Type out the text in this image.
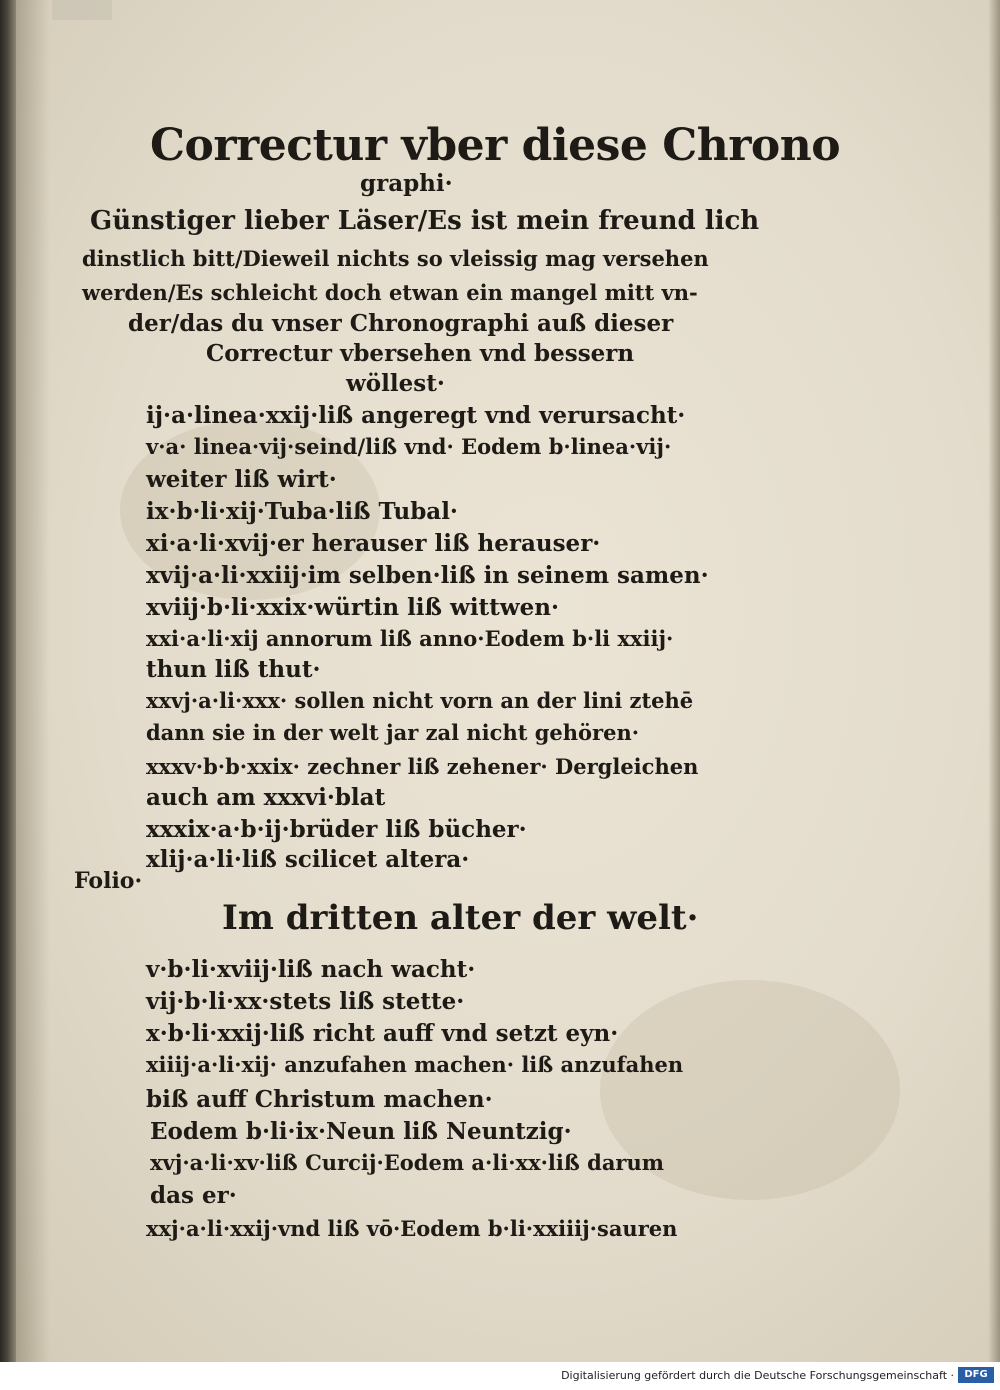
Correctur vber diese Chrono
graphi·
Günstiger lieber Läser/Es ist mein freund lich
dinstlich bitt/Dieweil nichts so vleissig mag versehen
werden/Es schleicht doch etwan ein mangel mitt vn-
der/das du vnser Chronographi auß dieser
Correctur vbersehen vnd bessern
wöllest·
ij·a·linea·xxij·liß angeregt vnd verursacht·
v·a· linea·vij·seind/liß vnd· Eodem b·linea·vij·
weiter liß wirt·
ix·b·li·xij·Tuba·liß Tubal·
xi·a·li·xvij·er herauser liß herauser·
xvij·a·li·xxiij·im selben·liß in seinem samen·
xviij·b·li·xxix·würtin liß wittwen·
xxi·a·li·xij annorum liß anno·Eodem b·li xxiij·
thun liß thut·
xxvj·a·li·xxx· sollen nicht vorn an der lini ztehē
dann sie in der welt jar zal nicht gehören·
xxxv·b·b·xxix· zechner liß zehener· Dergleichen
auch am xxxvi·blat
xxxix·a·b·ij·brüder liß bücher·
xlij·a·li·liß scilicet altera·
Folio·
Im dritten alter der welt·
v·b·li·xviij·liß nach wacht·
vij·b·li·xx·stets liß stette·
x·b·li·xxij·liß richt auff vnd setzt eyn·
xiiij·a·li·xij· anzufahen machen· liß anzufahen
biß auff Christum machen·
Eodem b·li·ix·Neun liß Neuntzig·
xvj·a·li·xv·liß Curcij·Eodem a·li·xx·liß darum
das er·
xxj·a·li·xxij·vnd liß vō·Eodem b·li·xxiiij·sauren
Digitalisierung gefördert durch die Deutsche Forschungsgemeinschaft ·	DFG
